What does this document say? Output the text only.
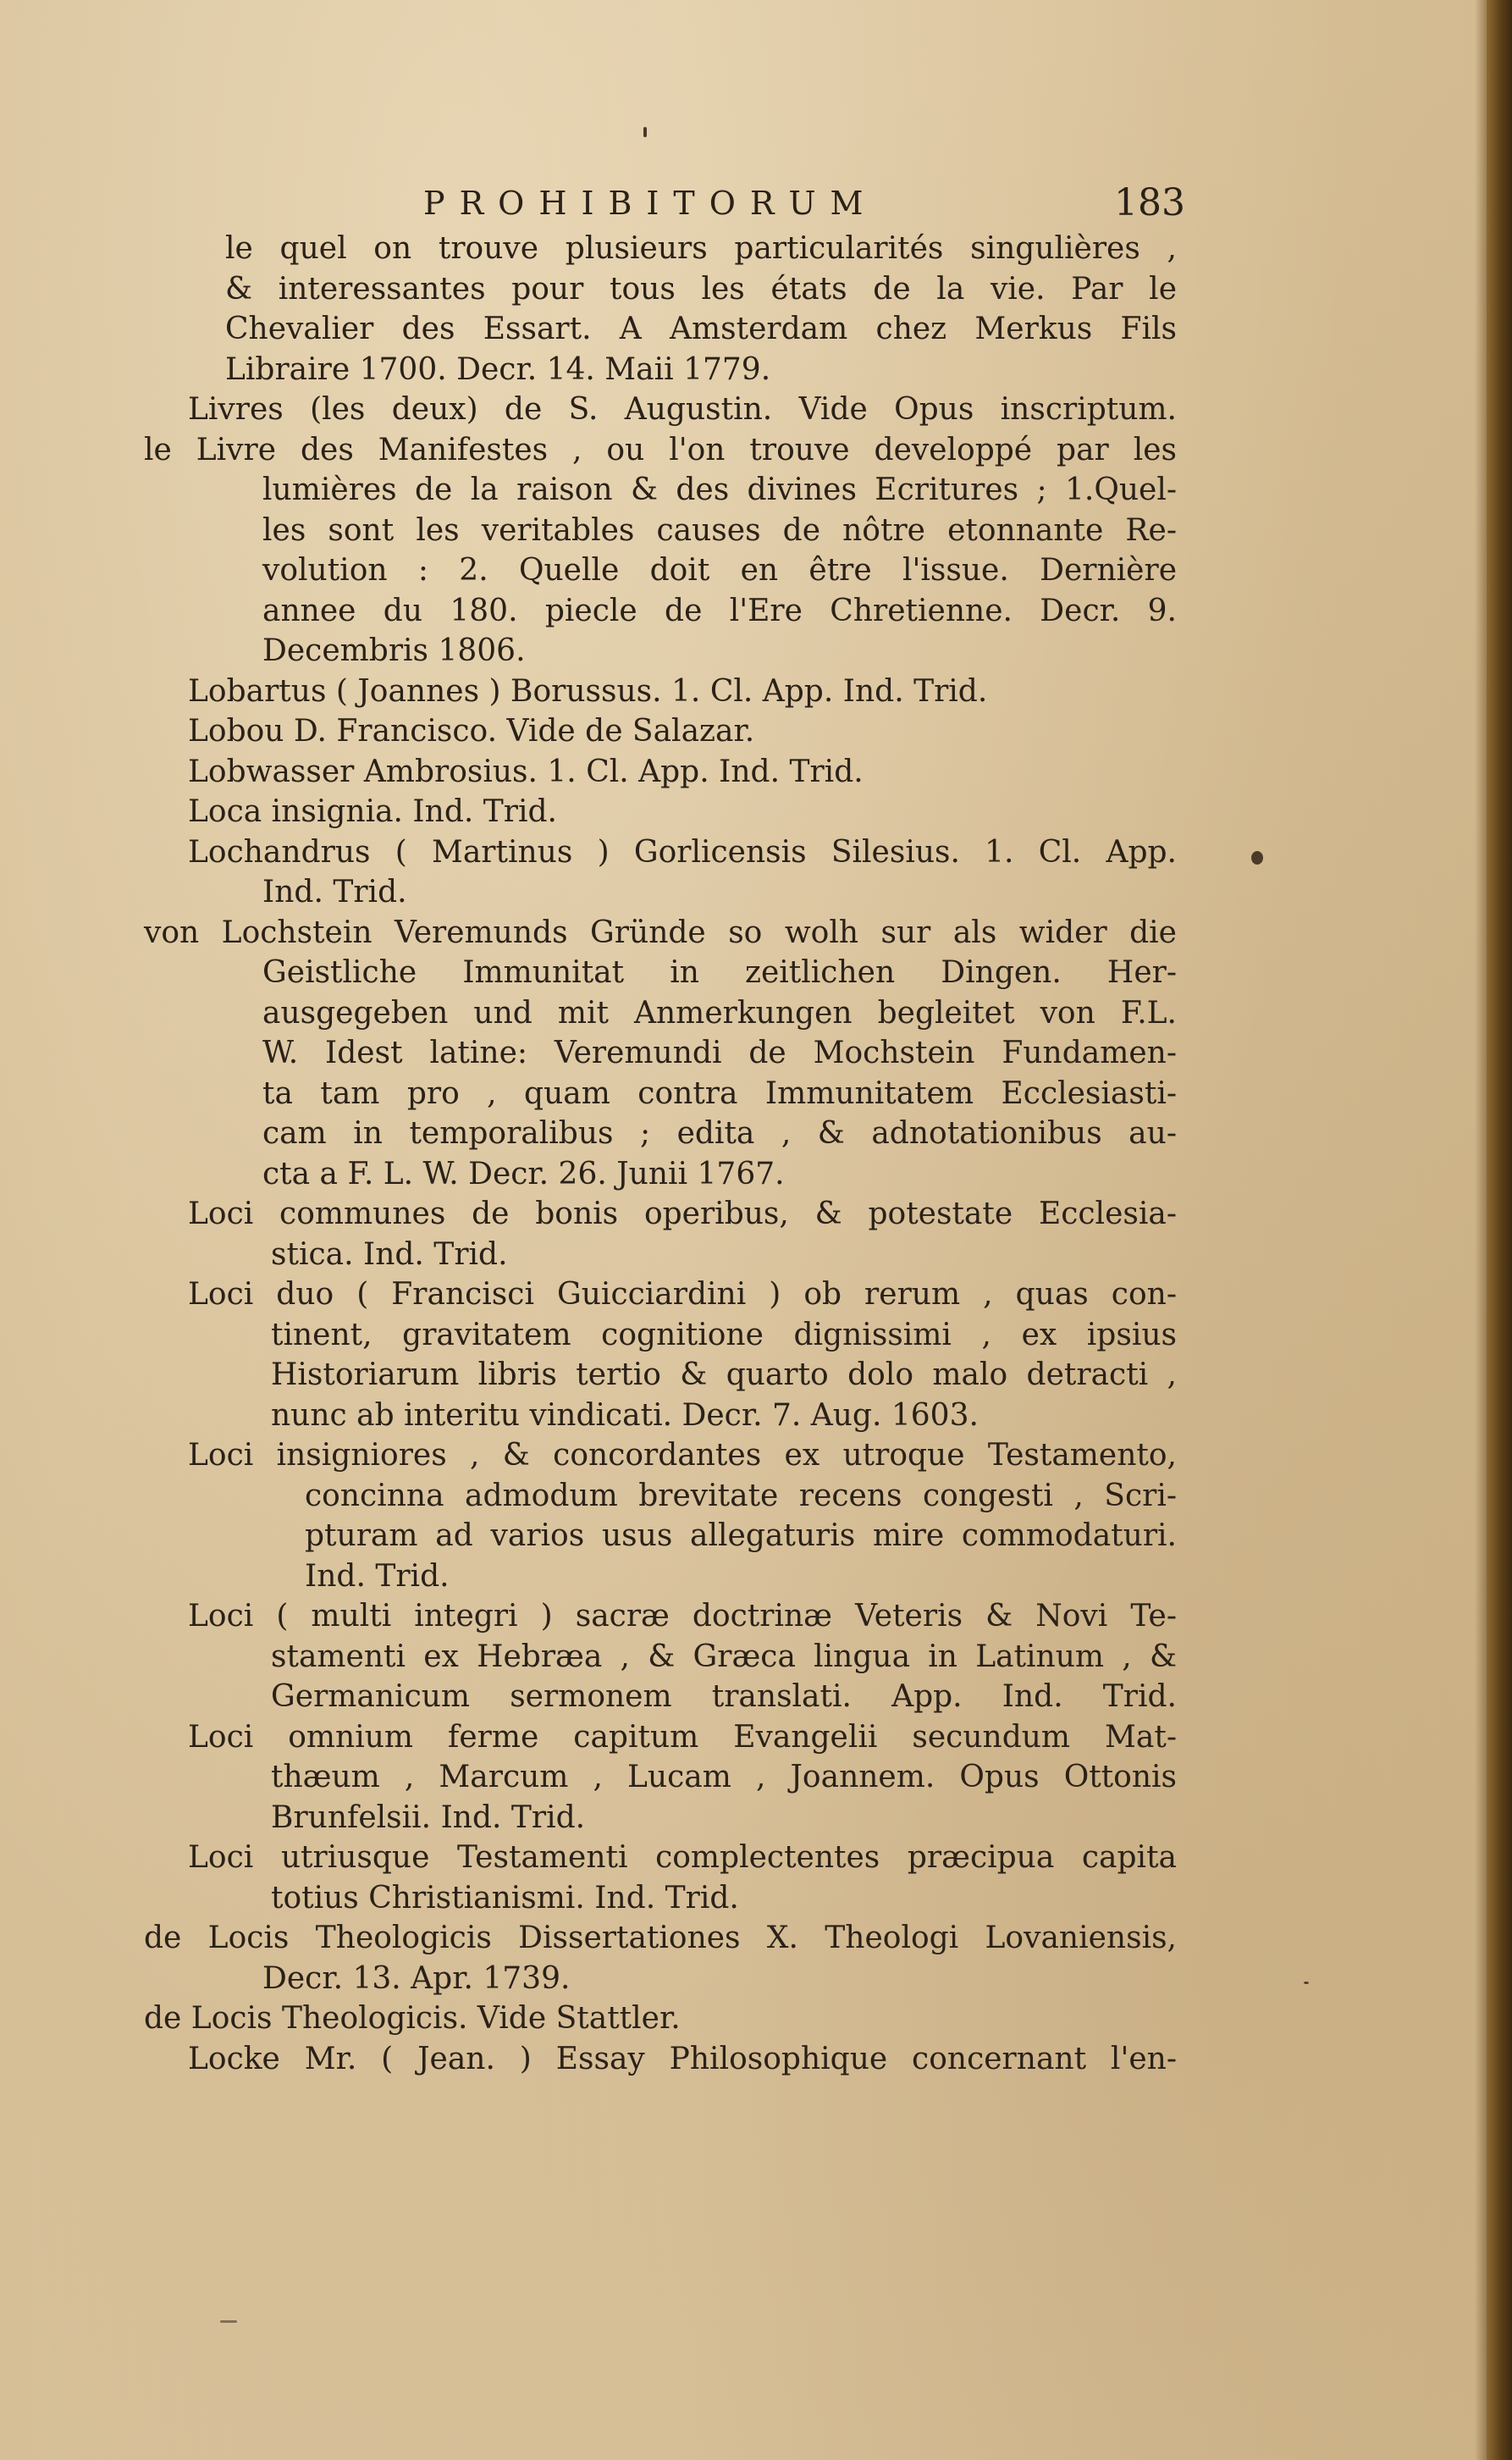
PROHIBITORUM	183
le quel on trouve plusieurs particularités singulières ,
& interessantes pour tous les états de la vie. Par le
Chevalier des Essart. A Amsterdam chez Merkus Fils
Libraire 1700. Decr. 14. Maii 1779.
Livres (les deux) de S. Augustin. Vide Opus inscriptum.
le Livre des Manifestes , ou l'on trouve developpé par les
lumières de la raison & des divines Ecritures ; 1.Quel-
les sont les veritables causes de nôtre etonnante Re-
volution : 2. Quelle doit en être l'issue. Dernière
annee du 180. piecle de l'Ere Chretienne. Decr. 9.
Decembris 1806.
Lobartus ( Joannes ) Borussus. 1. Cl. App. Ind. Trid.
Lobou D. Francisco. Vide de Salazar.
Lobwasser Ambrosius. 1. Cl. App. Ind. Trid.
Loca insignia. Ind. Trid.
Lochandrus ( Martinus ) Gorlicensis Silesius. 1. Cl. App.
Ind. Trid.
von Lochstein Veremunds Gründe so wolh sur als wider die
Geistliche Immunitat in zeitlichen Dingen. Her-
ausgegeben und mit Anmerkungen begleitet von F.L.
W. Idest latine: Veremundi de Mochstein Fundamen-
ta tam pro , quam contra Immunitatem Ecclesiasti-
cam in temporalibus ; edita , & adnotationibus au-
cta a F. L. W. Decr. 26. Junii 1767.
Loci communes de bonis operibus, & potestate Ecclesia-
stica. Ind. Trid.
Loci duo ( Francisci Guicciardini ) ob rerum , quas con-
tinent, gravitatem cognitione dignissimi , ex ipsius
Historiarum libris tertio & quarto dolo malo detracti ,
nunc ab interitu vindicati. Decr. 7. Aug. 1603.
Loci insigniores , & concordantes ex utroque Testamento,
concinna admodum brevitate recens congesti , Scri-
pturam ad varios usus allegaturis mire commodaturi.
Ind. Trid.
Loci ( multi integri ) sacræ doctrinæ Veteris & Novi Te-
stamenti ex Hebræa , & Græca lingua in Latinum , &
Germanicum sermonem translati. App. Ind. Trid.
Loci omnium ferme capitum Evangelii secundum Mat-
thæum , Marcum , Lucam , Joannem. Opus Ottonis
Brunfelsii. Ind. Trid.
Loci utriusque Testamenti complectentes præcipua capita
totius Christianismi. Ind. Trid.
de Locis Theologicis Dissertationes X. Theologi Lovaniensis,
Decr. 13. Apr. 1739.
de Locis Theologicis. Vide Stattler.
Locke Mr. ( Jean. ) Essay Philosophique concernant l'en-
